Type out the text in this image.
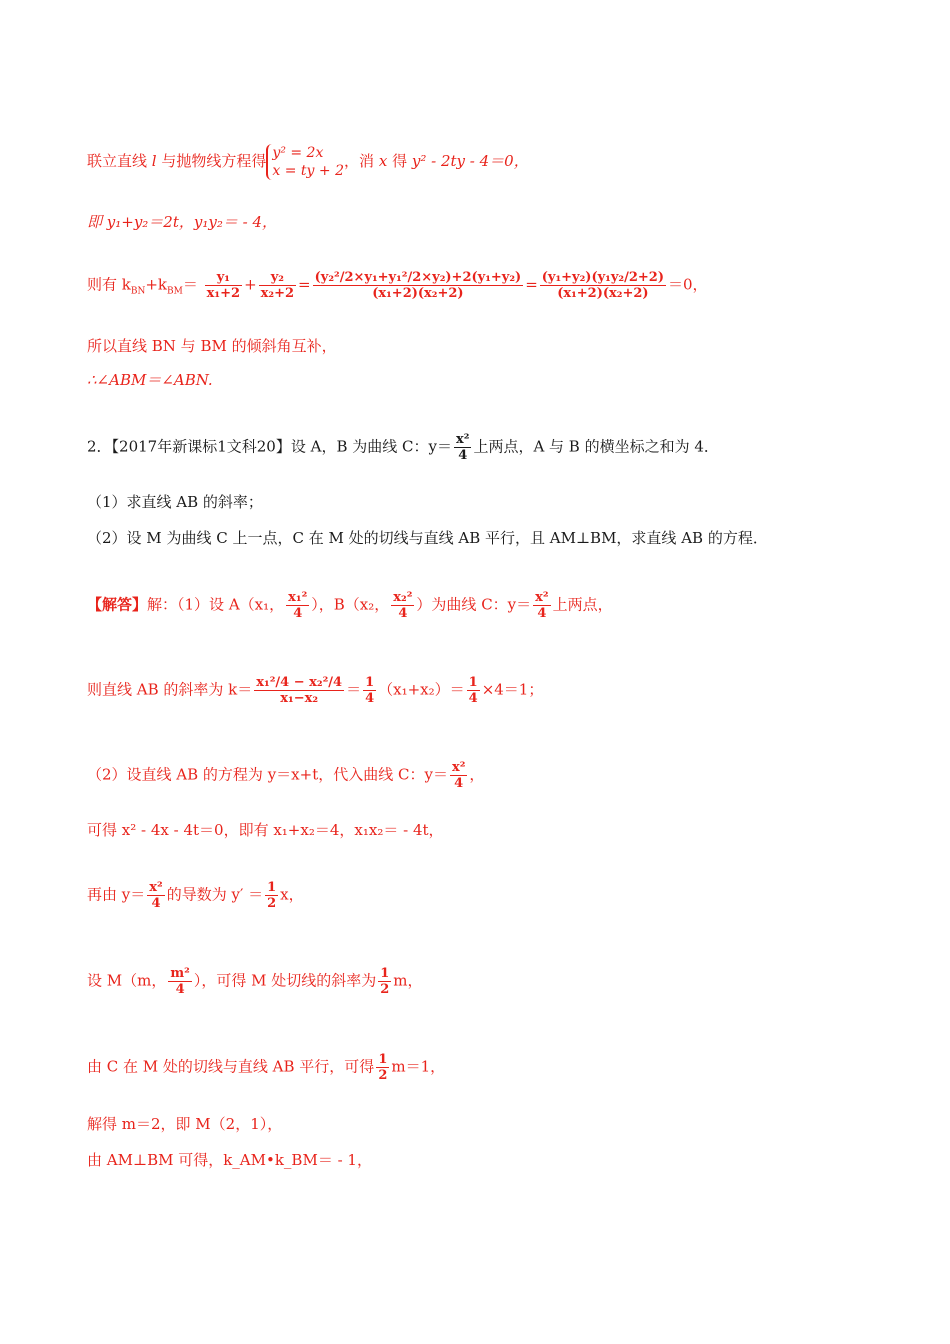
联立直线 l 与抛物线方程得 y² = 2x
x = ty + 2
，消 x 得 y² - 2ty - 4＝0，
即 y₁+y₂＝2t，y₁y₂＝ - 4，
则有 $k_{BN}+k_{BM}= \frac{\text{y₁}}{\text{x₁+2}} + \frac{\text{y₂}}{\text{x₂+2}} = \frac{\text{(y₂²/2×y₁+y₁²/2×y₂)+2(y₁+y₂)}}{\text{(x₁+2)(x₂+2)}} = \frac{\text{(y₁+y₂)(y₁y₂/2+2)}}{\text{(x₁+2)(x₂+2)}} =0$，
所以直线 BN 与 BM 的倾斜角互补，
∴∠ABM＝∠ABN.
2．【2017年新课标1文科20】设 A，B 为曲线 C：$y= \frac{\text{x²}}{4}$ 上两点，A 与 B 的横坐标之和为 4．
（1）求直线 AB 的斜率；
（2）设 M 为曲线 C 上一点，C 在 M 处的切线与直线 AB 平行，且 AM⊥BM，求直线 AB 的方程．
【解答】解：（1）设 A（x₁， $\frac{\text{x₁²}}{4}$ ），B（x₂， $\frac{\text{x₂²}}{4}$ ）为曲线 C：$y= \frac{\text{x²}}{4}$ 上两点，
则直线 AB 的斜率为 $k= \frac{\text{x₁²/4 − x₂²/4}}{\text{x₁−x₂}} = \frac{1}{4} (x_1+x_2)= \frac{1}{4} \times 4=1$；
（2）设直线 AB 的方程为 y＝x+t，代入曲线 C：$y= \frac{\text{x²}}{4}$ ，
可得 x² - 4x - 4t＝0，即有 x₁+x₂＝4，x₁x₂＝ - 4t，
再由 $y= \frac{\text{x²}}{4}$ 的导数为 $y' = \frac{1}{2}$ x，
设 M（m， $\frac{\text{m²}}{4}$ ），可得 M 处切线的斜率为 $\frac{1}{2}$ m，
由 C 在 M 处的切线与直线 AB 平行，可得 $\frac{1}{2} m=1$，
解得 m＝2，即 M（2，1），
由 AM⊥BM 可得，k_AM•k_BM＝ - 1，
